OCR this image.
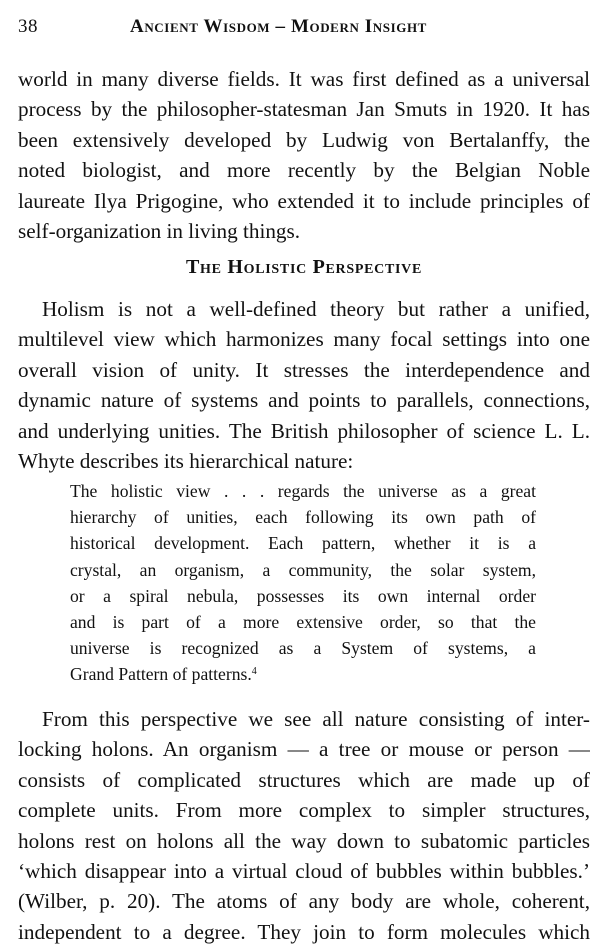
38	Ancient Wisdom – Modern Insight
world in many diverse fields. It was first defined as a universal
process by the philosopher-statesman Jan Smuts in 1920. It has
been extensively developed by Ludwig von Bertalanffy, the
noted biologist, and more recently by the Belgian Noble
laureate Ilya Prigogine, who extended it to include principles of
self-organization in living things.
The Holistic Perspective
Holism is not a well-defined theory but rather a unified,
multilevel view which harmonizes many focal settings into one
overall vision of unity. It stresses the interdependence and
dynamic nature of systems and points to parallels, connections,
and underlying unities. The British philosopher of science L. L.
Whyte describes its hierarchical nature:
The holistic view . . . regards the universe as a great
hierarchy of unities, each following its own path of
historical development. Each pattern, whether it is a
crystal, an organism, a community, the solar system,
or a spiral nebula, possesses its own internal order
and is part of a more extensive order, so that the
universe is recognized as a System of systems, a
Grand Pattern of patterns.$^4$
From this perspective we see all nature consisting of inter-
locking holons. An organism — a tree or mouse or person —
consists of complicated structures which are made up of
complete units. From more complex to simpler structures,
holons rest on holons all the way down to subatomic particles
‘which disappear into a virtual cloud of bubbles within bubbles.’
(Wilber, p. 20). The atoms of any body are whole, coherent,
independent to a degree. They join to form molecules which
